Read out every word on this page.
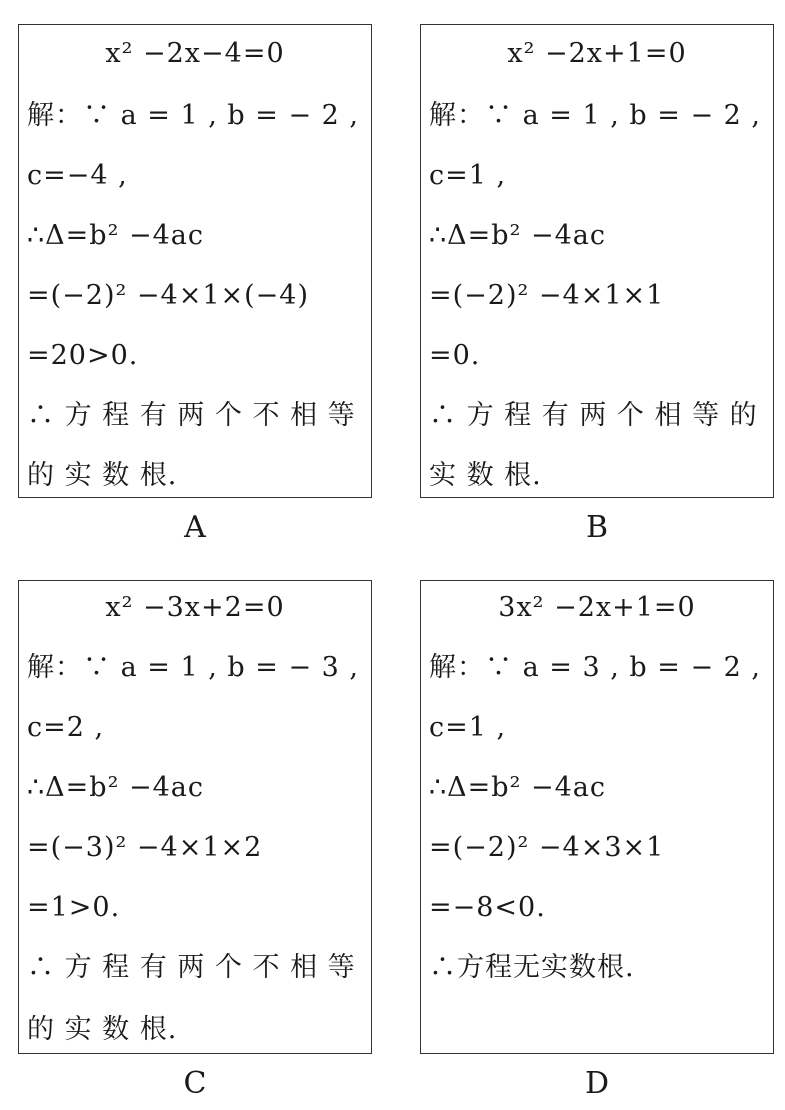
x² −2x−4=0
解：∵ a = 1 , b = − 2 ,
c=−4 ,
∴Δ=b² −4ac
=(−2)² −4×1×(−4)
=20>0.
∴ 方 程 有 两 个 不 相 等
的 实 数 根.
A
x² −2x+1=0
解：∵ a = 1 , b = − 2 ,
c=1 ,
∴Δ=b² −4ac
=(−2)² −4×1×1
=0.
∴ 方 程 有 两 个 相 等 的
实 数 根.
B
x² −3x+2=0
解：∵ a = 1 , b = − 3 ,
c=2 ,
∴Δ=b² −4ac
=(−3)² −4×1×2
=1>0.
∴ 方 程 有 两 个 不 相 等
的 实 数 根.
C
3x² −2x+1=0
解：∵ a = 3 , b = − 2 ,
c=1 ,
∴Δ=b² −4ac
=(−2)² −4×3×1
=−8<0.
∴方程无实数根.
D
